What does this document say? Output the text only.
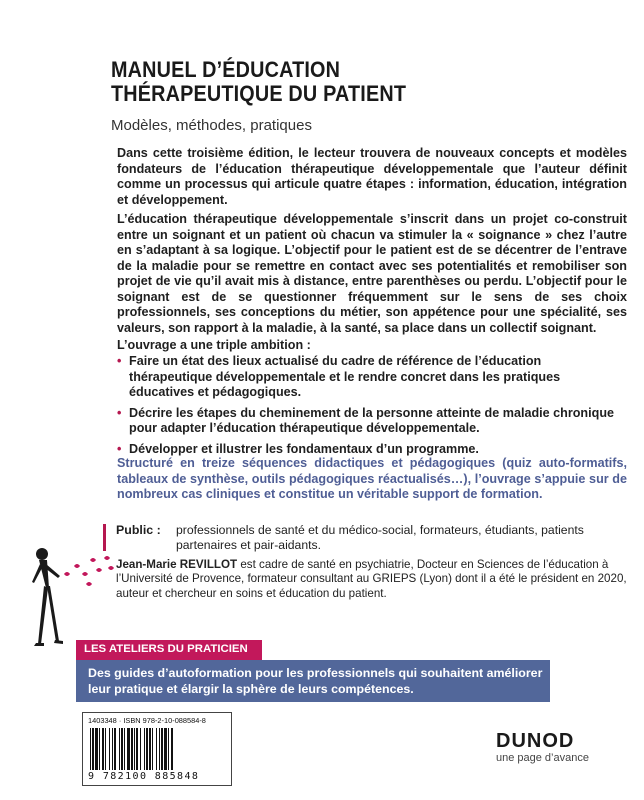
MANUEL D’ÉDUCATION
THÉRAPEUTIQUE DU PATIENT
Modèles, méthodes, pratiques

Dans cette troisième édition, le lecteur trouvera de nouveaux concepts et modèles fondateurs de l’éducation thérapeutique développementale que l’auteur définit comme un processus qui articule quatre étapes : information, éducation, intégration et développement.

L’éducation thérapeutique développementale s’inscrit dans un projet co-construit entre un soignant et un patient où chacun va stimuler la « soignance » chez l’autre en s’adaptant à sa logique. L’objectif pour le patient est de se décentrer de l’entrave de la maladie pour se remettre en contact avec ses potentialités et remobiliser son projet de vie qu’il avait mis à distance, entre parenthèses ou perdu. L’objectif pour le soignant est de se questionner fréquemment sur le sens de ses choix professionnels, ses conceptions du métier, son appétence pour une spécialité, ses valeurs, son rapport à la maladie, à la santé, sa place dans un collectif soignant.

L’ouvrage a une triple ambition :

• Faire un état des lieux actualisé du cadre de référence de l’éducation thérapeutique développementale et le rendre concret dans les pratiques éducatives et pédagogiques.
• Décrire les étapes du cheminement de la personne atteinte de maladie chronique pour adapter l’éducation thérapeutique développementale.
• Développer et illustrer les fondamentaux d’un programme.

Structuré en treize séquences didactiques et pédagogiques (quiz auto-formatifs, tableaux de synthèse, outils pédagogiques réactualisés…), l’ouvrage s’appuie sur de nombreux cas cliniques et constitue un véritable support de formation.

Public : professionnels de santé et du médico-social, formateurs, étudiants, patients partenaires et pair-aidants.

Jean-Marie REVILLOT est cadre de santé en psychiatrie, Docteur en Sciences de l’éducation à l’Université de Provence, formateur consultant au GRIEPS (Lyon) dont il a été le président en 2020, auteur et chercheur en soins et éducation du patient.

LES ATELIERS DU PRATICIEN
Des guides d’autoformation pour les professionnels qui souhaitent améliorer leur pratique et élargir la sphère de leurs compétences.
1403348 · ISBN 978-2-10-088584-8
9 782100 885848
DUNOD
une page d’avance
